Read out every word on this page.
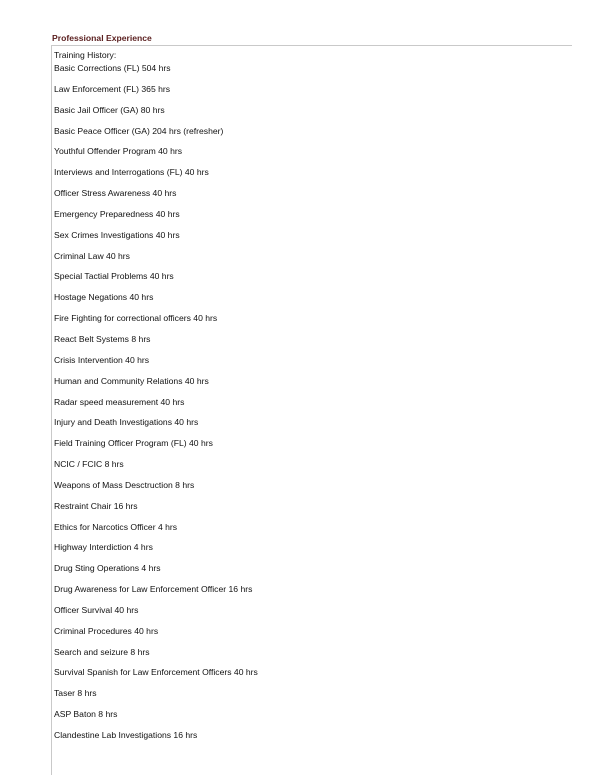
Professional Experience
Training History:
Basic Corrections (FL) 504 hrs
Law Enforcement (FL) 365 hrs
Basic Jail Officer (GA) 80 hrs
Basic Peace Officer (GA) 204 hrs (refresher)
Youthful Offender Program 40 hrs
Interviews and Interrogations (FL) 40 hrs
Officer Stress Awareness 40 hrs
Emergency Preparedness 40 hrs
Sex Crimes Investigations 40 hrs
Criminal Law 40 hrs
Special Tactial Problems 40 hrs
Hostage Negations 40 hrs
Fire Fighting for correctional officers 40 hrs
React Belt Systems 8 hrs
Crisis Intervention 40 hrs
Human and Community Relations 40 hrs
Radar speed measurement 40 hrs
Injury and Death Investigations 40 hrs
Field Training Officer Program (FL) 40 hrs
NCIC / FCIC 8 hrs
Weapons of Mass Desctruction 8 hrs
Restraint Chair 16 hrs
Ethics for Narcotics Officer 4 hrs
Highway Interdiction 4 hrs
Drug Sting Operations 4 hrs
Drug Awareness for Law Enforcement Officer 16 hrs
Officer Survival 40 hrs
Criminal Procedures 40 hrs
Search and seizure 8 hrs
Survival Spanish for Law Enforcement Officers 40 hrs
Taser 8 hrs
ASP Baton 8 hrs
Clandestine Lab Investigations 16 hrs
